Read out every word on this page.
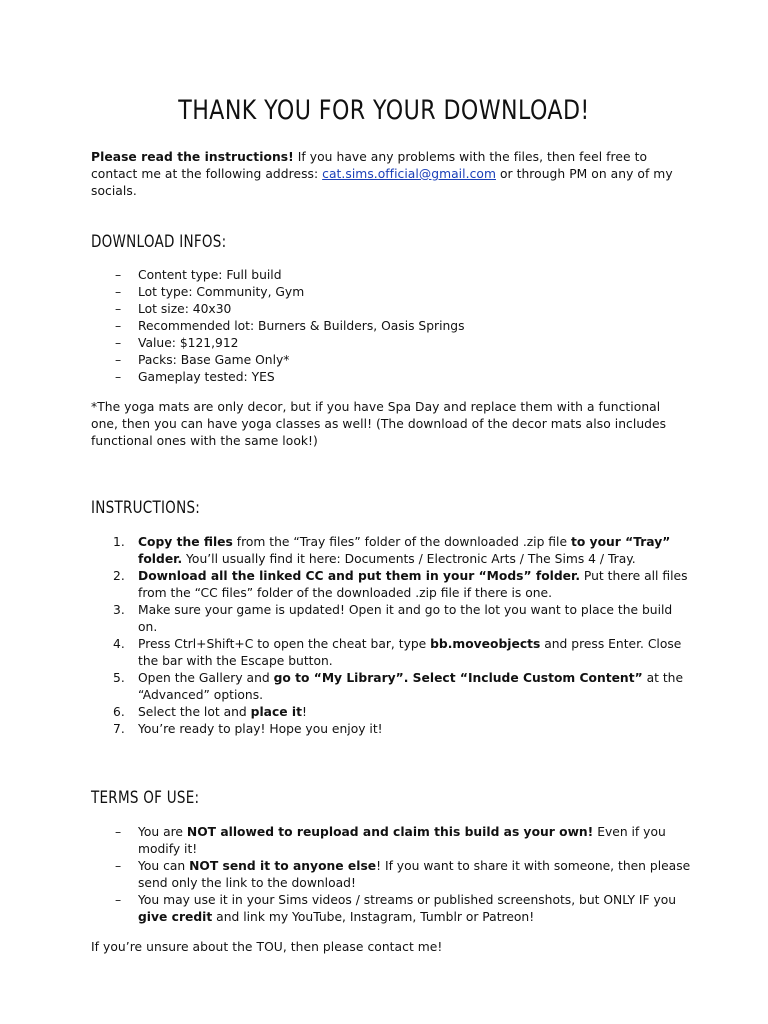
THANK YOU FOR YOUR DOWNLOAD!

Please read the instructions! If you have any problems with the files, then feel free to contact me at the following address: cat.sims.official@gmail.com or through PM on any of my socials.

DOWNLOAD INFOS:
– Content type: Full build
– Lot type: Community, Gym
– Lot size: 40x30
– Recommended lot: Burners & Builders, Oasis Springs
– Value: $121,912
– Packs: Base Game Only*
– Gameplay tested: YES

*The yoga mats are only decor, but if you have Spa Day and replace them with a functional one, then you can have yoga classes as well! (The download of the decor mats also includes functional ones with the same look!)

INSTRUCTIONS:
1. Copy the files from the “Tray files” folder of the downloaded .zip file to your “Tray” folder. You’ll usually find it here: Documents / Electronic Arts / The Sims 4 / Tray.
2. Download all the linked CC and put them in your “Mods” folder. Put there all files from the “CC files” folder of the downloaded .zip file if there is one.
3. Make sure your game is updated! Open it and go to the lot you want to place the build on.
4. Press Ctrl+Shift+C to open the cheat bar, type bb.moveobjects and press Enter. Close the bar with the Escape button.
5. Open the Gallery and go to “My Library”. Select “Include Custom Content” at the “Advanced” options.
6. Select the lot and place it!
7. You’re ready to play! Hope you enjoy it!
TERMS OF USE:
– You are NOT allowed to reupload and claim this build as your own! Even if you modify it!
– You can NOT send it to anyone else! If you want to share it with someone, then please send only the link to the download!
– You may use it in your Sims videos / streams or published screenshots, but ONLY IF you give credit and link my YouTube, Instagram, Tumblr or Patreon!

If you’re unsure about the TOU, then please contact me!
